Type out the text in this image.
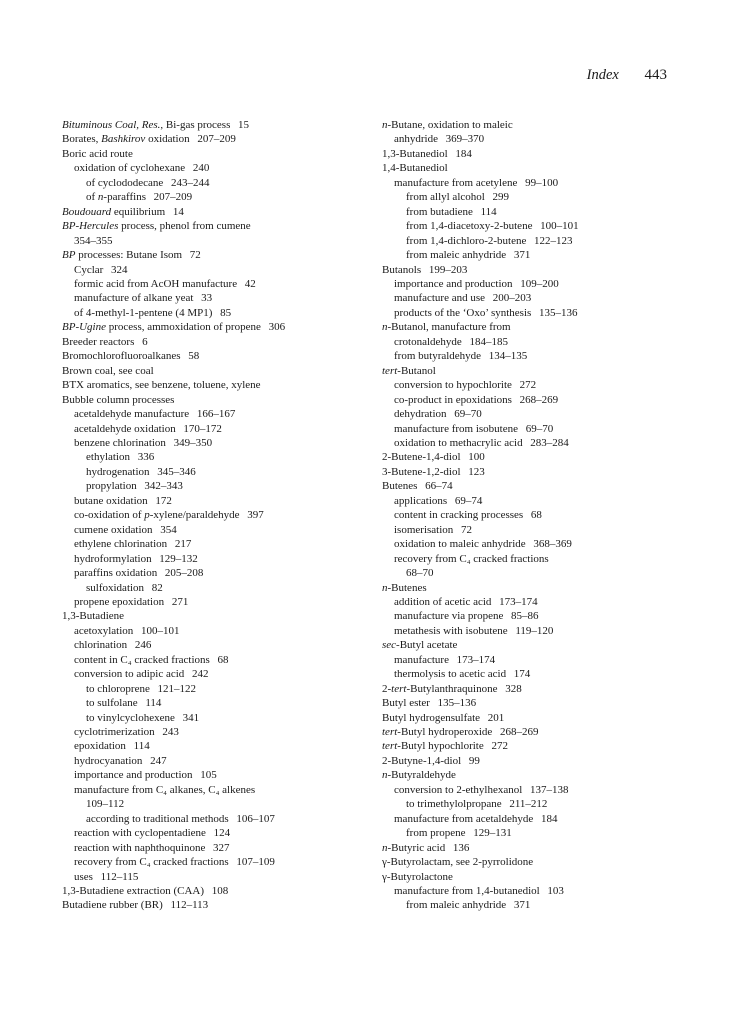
Index 443
Bituminous Coal, Res., Bi-gas process 15
Borates, Bashkirov oxidation 207–209
Boric acid route
oxidation of cyclohexane 240
of cyclododecane 243–244
of n-paraffins 207–209
Boudouard equilibrium 14
BP-Hercules process, phenol from cumene
354–355
BP processes: Butane Isom 72
Cyclar 324
formic acid from AcOH manufacture 42
manufacture of alkane yeat 33
of 4-methyl-1-pentene (4 MP1) 85
BP-Ugine process, ammoxidation of propene 306
Breeder reactors 6
Bromochlorofluoroalkanes 58
Brown coal, see coal
BTX aromatics, see benzene, toluene, xylene
Bubble column processes
acetaldehyde manufacture 166–167
acetaldehyde oxidation 170–172
benzene chlorination 349–350
ethylation 336
hydrogenation 345–346
propylation 342–343
butane oxidation 172
co-oxidation of p-xylene/paraldehyde 397
cumene oxidation 354
ethylene chlorination 217
hydroformylation 129–132
paraffins oxidation 205–208
sulfoxidation 82
propene epoxidation 271
1,3-Butadiene
acetoxylation 100–101
chlorination 246
content in C₄ cracked fractions 68
conversion to adipic acid 242
to chloroprene 121–122
to sulfolane 114
to vinylcyclohexene 341
cyclotrimerization 243
epoxidation 114
hydrocyanation 247
importance and production 105
manufacture from C₄ alkanes, C₄ alkenes
109–112
according to traditional methods 106–107
reaction with cyclopentadiene 124
reaction with naphthoquinone 327
recovery from C₄ cracked fractions 107–109
uses 112–115
1,3-Butadiene extraction (CAA) 108
Butadiene rubber (BR) 112–113
n-Butane, oxidation to maleic
anhydride 369–370
1,3-Butanediol 184
1,4-Butanediol
manufacture from acetylene 99–100
from allyl alcohol 299
from butadiene 114
from 1,4-diacetoxy-2-butene 100–101
from 1,4-dichloro-2-butene 122–123
from maleic anhydride 371
Butanols 199–203
importance and production 109–200
manufacture and use 200–203
products of the ‘Oxo’ synthesis 135–136
n-Butanol, manufacture from
crotonaldehyde 184–185
from butyraldehyde 134–135
tert-Butanol
conversion to hypochlorite 272
co-product in epoxidations 268–269
dehydration 69–70
manufacture from isobutene 69–70
oxidation to methacrylic acid 283–284
2-Butene-1,4-diol 100
3-Butene-1,2-diol 123
Butenes 66–74
applications 69–74
content in cracking processes 68
isomerisation 72
oxidation to maleic anhydride 368–369
recovery from C₄ cracked fractions
68–70
n-Butenes
addition of acetic acid 173–174
manufacture via propene 85–86
metathesis with isobutene 119–120
sec-Butyl acetate
manufacture 173–174
thermolysis to acetic acid 174
2-tert-Butylanthraquinone 328
Butyl ester 135–136
Butyl hydrogensulfate 201
tert-Butyl hydroperoxide 268–269
tert-Butyl hypochlorite 272
2-Butyne-1,4-diol 99
n-Butyraldehyde
conversion to 2-ethylhexanol 137–138
to trimethylolpropane 211–212
manufacture from acetaldehyde 184
from propene 129–131
n-Butyric acid 136
γ-Butyrolactam, see 2-pyrrolidone
γ-Butyrolactone
manufacture from 1,4-butanediol 103
from maleic anhydride 371
